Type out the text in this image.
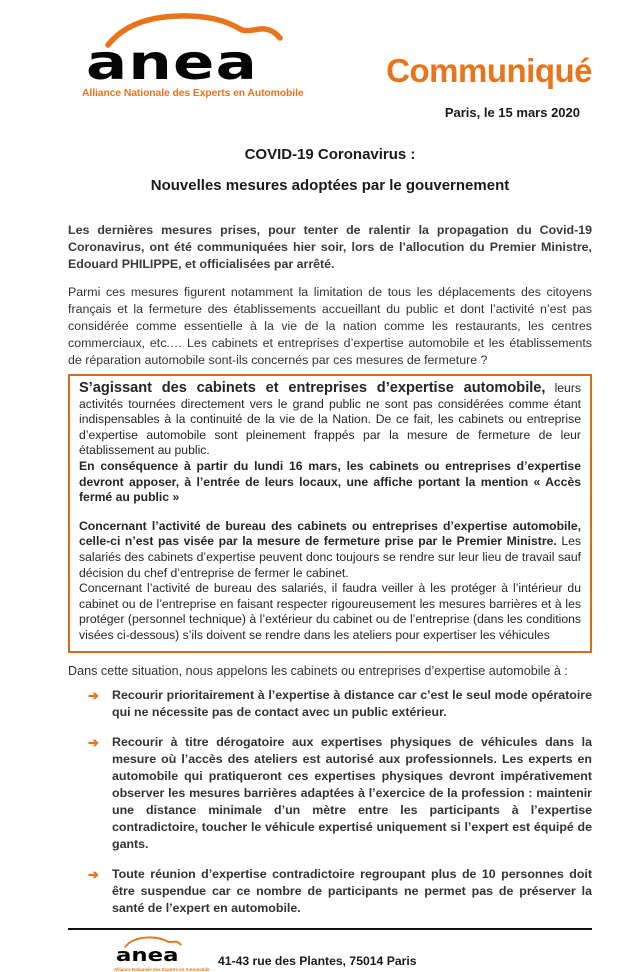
anea
Alliance Nationale des Experts en Automobile
Communiqué
Paris, le 15 mars 2020
COVID-19 Coronavirus :
Nouvelles mesures adoptées par le gouvernement

Les dernières mesures prises, pour tenter de ralentir la propagation du Covid-19 Coronavirus, ont été communiquées hier soir, lors de l’allocution du Premier Ministre, Edouard PHILIPPE, et officialisées par arrêté.

Parmi ces mesures figurent notamment la limitation de tous les déplacements des citoyens français et la fermeture des établissements accueillant du public et dont l’activité n’est pas considérée comme essentielle à la vie de la nation comme les restaurants, les centres commerciaux, etc.… Les cabinets et entreprises d’expertise automobile et les établissements de réparation automobile sont-ils concernés par ces mesures de fermeture ?

S’agissant des cabinets et entreprises d’expertise automobile, leurs activités tournées directement vers le grand public ne sont pas considérées comme étant indispensables à la continuité de la vie de la Nation. De ce fait, les cabinets ou entreprise d’expertise automobile sont pleinement frappés par la mesure de fermeture de leur établissement au public.

En conséquence à partir du lundi 16 mars, les cabinets ou entreprises d’expertise devront apposer, à l’entrée de leurs locaux, une affiche portant la mention « Accès fermé au public »

Concernant l’activité de bureau des cabinets ou entreprises d’expertise automobile, celle-ci n’est pas visée par la mesure de fermeture prise par le Premier Ministre. Les salariés des cabinets d’expertise peuvent donc toujours se rendre sur leur lieu de travail sauf décision du chef d’entreprise de fermer le cabinet.

Concernant l’activité de bureau des salariés, il faudra veiller à les protéger à l’intérieur du cabinet ou de l’entreprise en faisant respecter rigoureusement les mesures barrières et à les protéger (personnel technique) à l’extérieur du cabinet ou de l’entreprise (dans les conditions visées ci-dessous) s’ils doivent se rendre dans les ateliers pour expertiser les véhicules

Dans cette situation, nous appelons les cabinets ou entreprises d’expertise automobile à :

➔	Recourir prioritairement à l’expertise à distance car c’est le seul mode opératoire qui ne nécessite pas de contact avec un public extérieur.
➔	Recourir à titre dérogatoire aux expertises physiques de véhicules dans la mesure où l’accès des ateliers est autorisé aux professionnels. Les experts en automobile qui pratiqueront ces expertises physiques devront impérativement observer les mesures barrières adaptées à l’exercice de la profession : maintenir une distance minimale d’un mètre entre les participants à l’expertise contradictoire, toucher le véhicule expertisé uniquement si l’expert est équipé de gants.
➔	Toute réunion d’expertise contradictoire regroupant plus de 10 personnes doit être suspendue car ce nombre de participants ne permet pas de préserver la santé de l’expert en automobile.
anea
Alliance Nationale des Experts en Automobile
41-43 rue des Plantes, 75014 Paris
